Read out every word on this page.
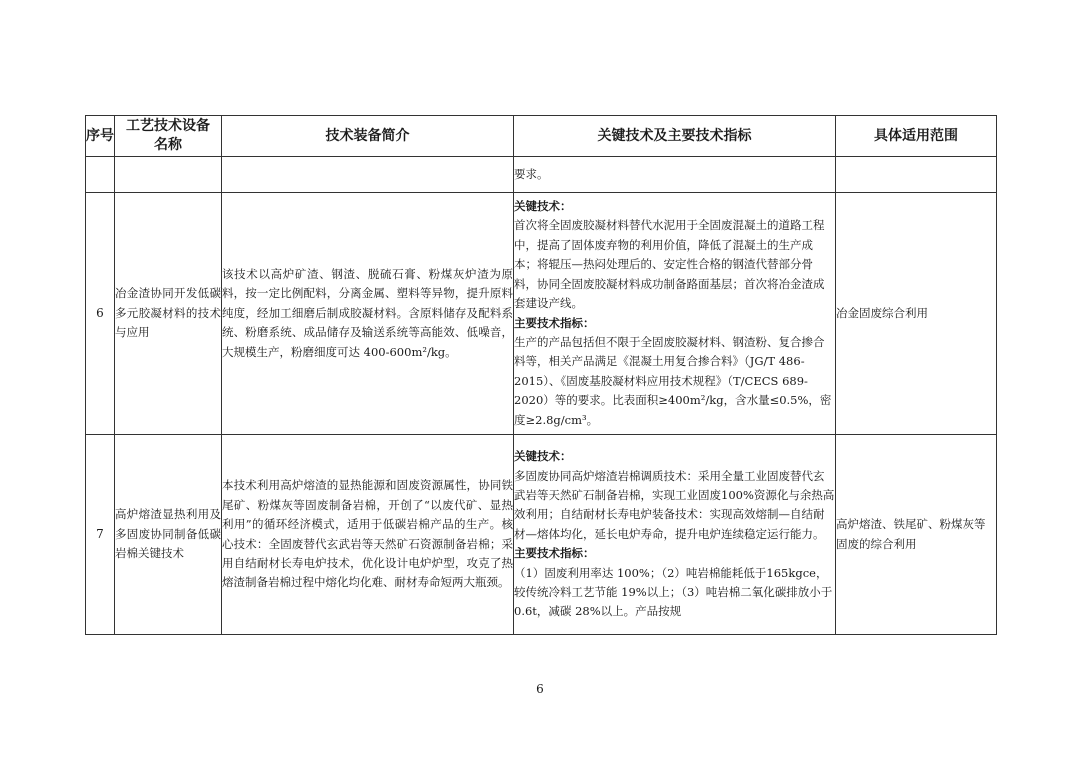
序号	工艺技术设备名称	技术装备简介	关键技术及主要技术指标	具体适用范围
			要求。	
6	冶金渣协同开发低碳多元胶凝材料的技术与应用	该技术以高炉矿渣、钢渣、脱硫石膏、粉煤灰炉渣为原料，按一定比例配料，分离金属、塑料等异物，提升原料纯度，经加工细磨后制成胶凝材料。含原料储存及配料系统、粉磨系统、成品储存及输送系统等高能效、低噪音，大规模生产，粉磨细度可达 400-600m²/kg。	关键技术：
首次将全固废胶凝材料替代水泥用于全固废混凝土的道路工程中，提高了固体废弃物的利用价值，降低了混凝土的生产成本；将辊压—热闷处理后的、安定性合格的钢渣代替部分骨料，协同全固废胶凝材料成功制备路面基层；首次将冶金渣成套建设产线。
主要技术指标：
生产的产品包括但不限于全固废胶凝材料、钢渣粉、复合掺合料等，相关产品满足《混凝土用复合掺合料》（JG/T 486-2015）、《固废基胶凝材料应用技术规程》（T/CECS 689-2020）等的要求。比表面积≥400m²/kg，含水量≤0.5%，密度≥2.8g/cm³。	冶金固废综合利用
7	高炉熔渣显热利用及多固废协同制备低碳岩棉关键技术	本技术利用高炉熔渣的显热能源和固废资源属性，协同铁尾矿、粉煤灰等固废制备岩棉，开创了“以废代矿、显热利用”的循环经济模式，适用于低碳岩棉产品的生产。核心技术：全固废替代玄武岩等天然矿石资源制备岩棉；采用自结耐材长寿电炉技术，优化设计电炉炉型，攻克了热熔渣制备岩棉过程中熔化均化难、耐材寿命短两大瓶颈。	关键技术：
多固废协同高炉熔渣岩棉调质技术：采用全量工业固废替代玄武岩等天然矿石制备岩棉，实现工业固废100%资源化与余热高效利用；自结耐材长寿电炉装备技术：实现高效熔制—自结耐材—熔体均化，延长电炉寿命，提升电炉连续稳定运行能力。
主要技术指标：
（1）固废利用率达 100%；（2）吨岩棉能耗低于165kgce，较传统冷料工艺节能 19%以上；（3）吨岩棉二氧化碳排放小于 0.6t，减碳 28%以上。产品按规	高炉熔渣、铁尾矿、粉煤灰等固废的综合利用
6
